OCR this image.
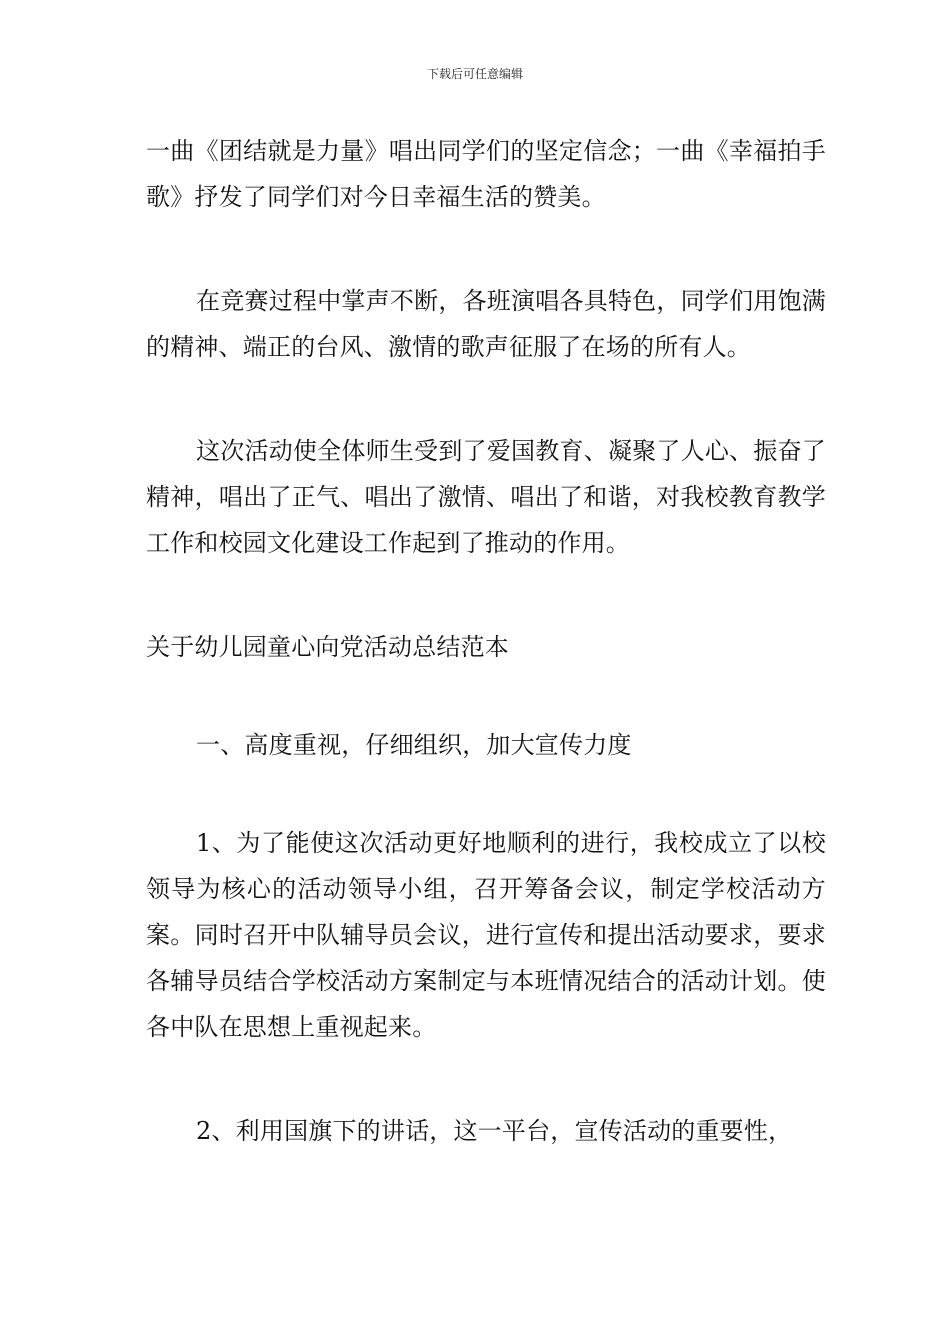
下载后可任意编辑

一曲《团结就是力量》唱出同学们的坚定信念；一曲《幸福拍手歌》抒发了同学们对今日幸福生活的赞美。

在竞赛过程中掌声不断，各班演唱各具特色，同学们用饱满的精神、端正的台风、激情的歌声征服了在场的所有人。

这次活动使全体师生受到了爱国教育、凝聚了人心、振奋了精神，唱出了正气、唱出了激情、唱出了和谐，对我校教育教学工作和校园文化建设工作起到了推动的作用。

关于幼儿园童心向党活动总结范本

一、高度重视，仔细组织，加大宣传力度

1、为了能使这次活动更好地顺利的进行，我校成立了以校领导为核心的活动领导小组，召开筹备会议，制定学校活动方案。同时召开中队辅导员会议，进行宣传和提出活动要求，要求各辅导员结合学校活动方案制定与本班情况结合的活动计划。使各中队在思想上重视起来。

2、利用国旗下的讲话，这一平台，宣传活动的重要性，
